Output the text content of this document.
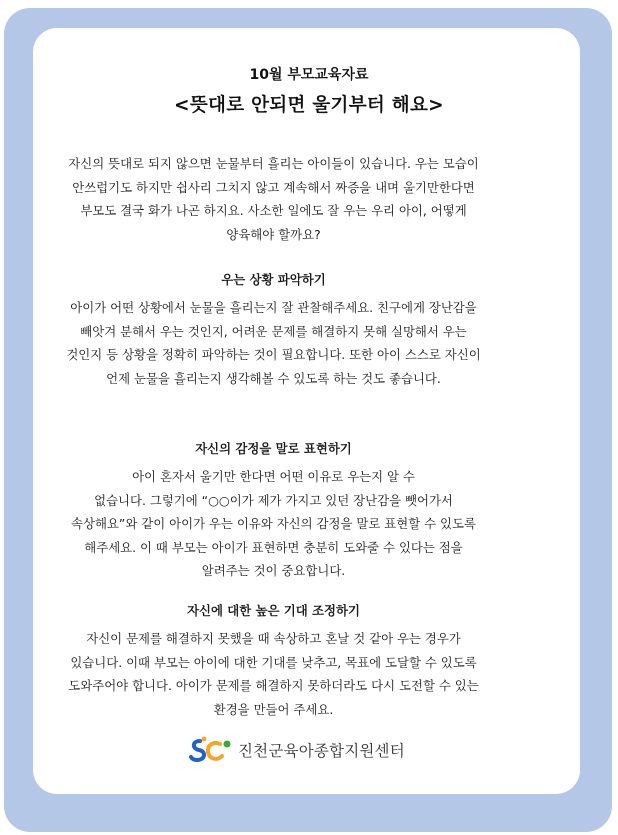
10월 부모교육자료
<뜻대로 안되면 울기부터 해요>

자신의 뜻대로 되지 않으면 눈물부터 흘리는 아이들이 있습니다. 우는 모습이
안쓰럽기도 하지만 쉽사리 그치지 않고 계속해서 짜증을 내며 울기만한다면
부모도 결국 화가 나곤 하지요. 사소한 일에도 잘 우는 우리 아이, 어떻게
양육해야 할까요?

우는 상황 파악하기

아이가 어떤 상황에서 눈물을 흘리는지 잘 관찰해주세요. 친구에게 장난감을
빼앗겨 분해서 우는 것인지, 어려운 문제를 해결하지 못해 실망해서 우는
것인지 등 상황을 정확히 파악하는 것이 필요합니다. 또한 아이 스스로 자신이
언제 눈물을 흘리는지 생각해볼 수 있도록 하는 것도 좋습니다.

자신의 감정을 말로 표현하기

아이 혼자서 울기만 한다면 어떤 이유로 우는지 알 수
없습니다. 그렇기에 “○○이가 제가 가지고 있던 장난감을 뺏어가서
속상해요”와 같이 아이가 우는 이유와 자신의 감정을 말로 표현할 수 있도록
해주세요. 이 때 부모는 아이가 표현하면 충분히 도와줄 수 있다는 점을
알려주는 것이 중요합니다.

자신에 대한 높은 기대 조정하기

자신이 문제를 해결하지 못했을 때 속상하고 혼날 것 같아 우는 경우가
있습니다. 이때 부모는 아이에 대한 기대를 낮추고, 목표에 도달할 수 있도록
도와주어야 합니다. 아이가 문제를 해결하지 못하더라도 다시 도전할 수 있는
환경을 만들어 주세요.

진천군육아종합지원센터
